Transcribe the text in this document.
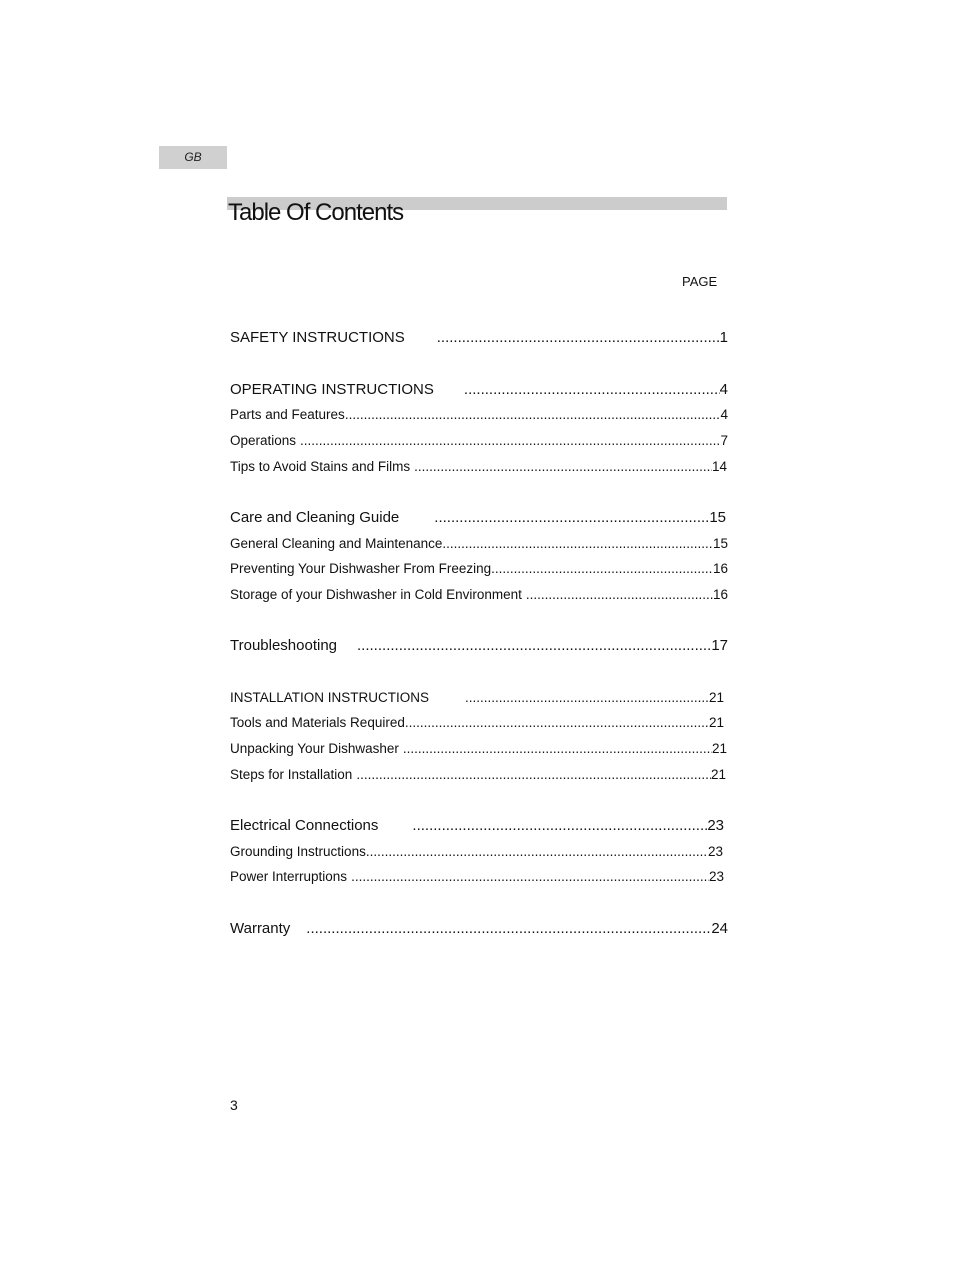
GB
Table Of Contents
PAGE
SAFETY INSTRUCTIONS .....	1
OPERATING INSTRUCTIONS .....	4
Parts and Features .....	4
Operations .....	7
Tips to Avoid Stains and Films .....	14
Care and Cleaning Guide .....	15
General Cleaning and Maintenance .....	15
Preventing Your Dishwasher From Freezing .....	16
Storage of your Dishwasher in Cold Environment .....	16
Troubleshooting .....	17
INSTALLATION INSTRUCTIONS .....	21
Tools and Materials Required .....	21
Unpacking Your Dishwasher .....	21
Steps for Installation .....	21
Electrical Connections .....	23
Grounding Instructions .....	23
Power Interruptions .....	23
Warranty .....	24
3
